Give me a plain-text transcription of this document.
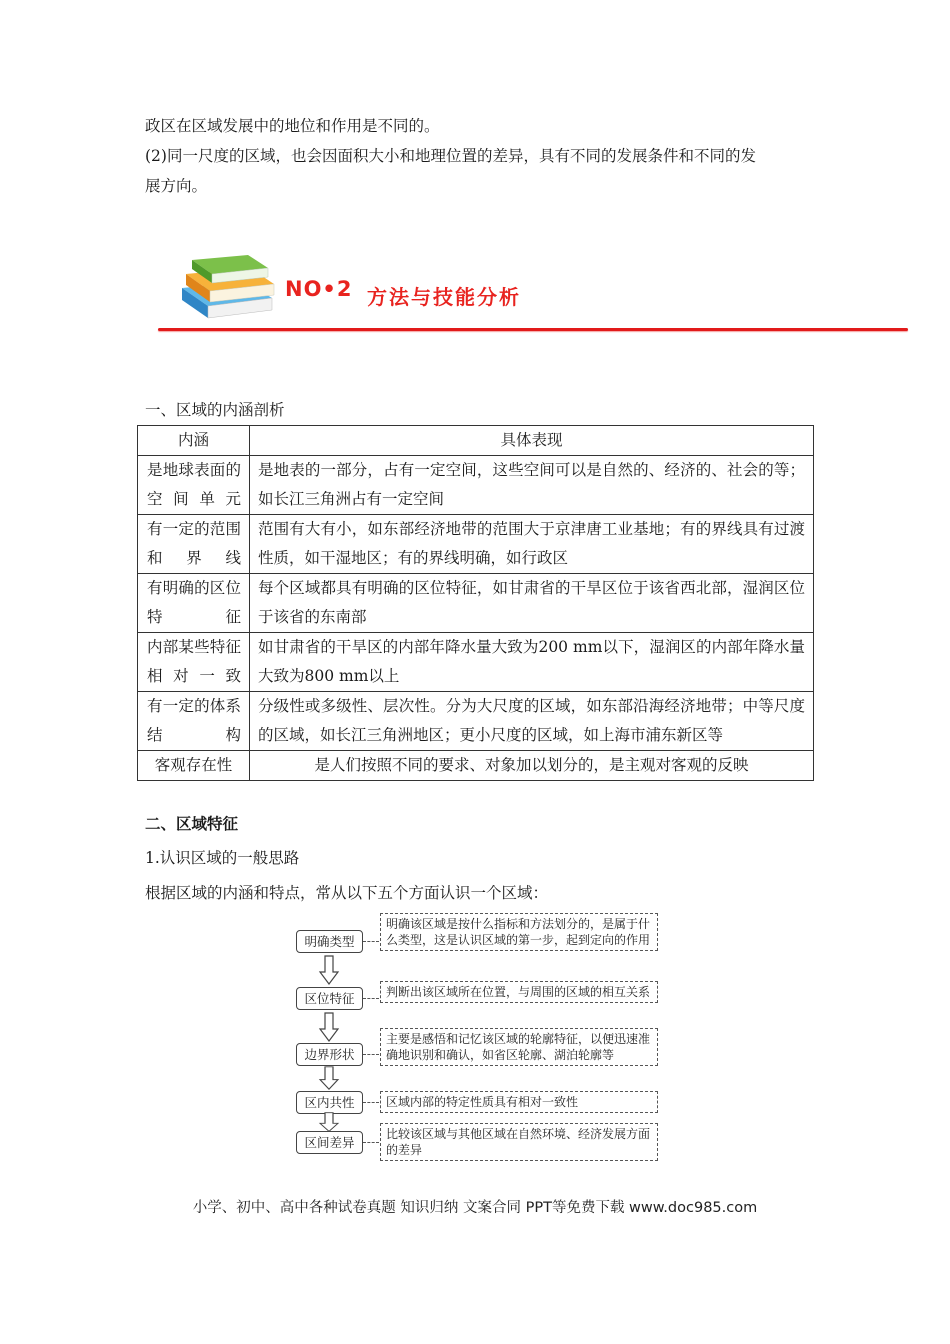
政区在区域发展中的地位和作用是不同的。

(2)同一尺度的区域，也会因面积大小和地理位置的差异，具有不同的发展条件和不同的发

展方向。

NO•2 方法与技能分析
一、区域的内涵剖析
内涵	具体表现
是地球表面的空间单元	是地表的一部分，占有一定空间，这些空间可以是自然的、经济的、社会的等；如长江三角洲占有一定空间
有一定的范围和界线	范围有大有小，如东部经济地带的范围大于京津唐工业基地；有的界线具有过渡性质，如干湿地区；有的界线明确，如行政区
有明确的区位特征	每个区域都具有明确的区位特征，如甘肃省的干旱区位于该省西北部，湿润区位于该省的东南部
内部某些特征相对一致	如甘肃省的干旱区的内部年降水量大致为200 mm以下，湿润区的内部年降水量大致为800 mm以上
有一定的体系结构	分级性或多级性、层次性。分为大尺度的区域，如东部沿海经济地带；中等尺度的区域，如长江三角洲地区；更小尺度的区域，如上海市浦东新区等
客观存在性	是人们按照不同的要求、对象加以划分的，是主观对客观的反映
二、区域特征
1.认识区域的一般思路
根据区域的内涵和特点，常从以下五个方面认识一个区域：
明确类型
明确该区域是按什么指标和方法划分的，是属于什么类型，这是认识区域的第一步，起到定向的作用
区位特征	判断出该区域所在位置，与周围的区域的相互关系
边界形状
主要是感悟和记忆该区域的轮廓特征，以便迅速准确地识别和确认，如省区轮廓、湖泊轮廓等
区内共性	区域内部的特定性质具有相对一致性
区间差异
比较该区域与其他区域在自然环境、经济发展方面的差异
小学、初中、高中各种试卷真题 知识归纳 文案合同 PPT等免费下载 www.doc985.com
